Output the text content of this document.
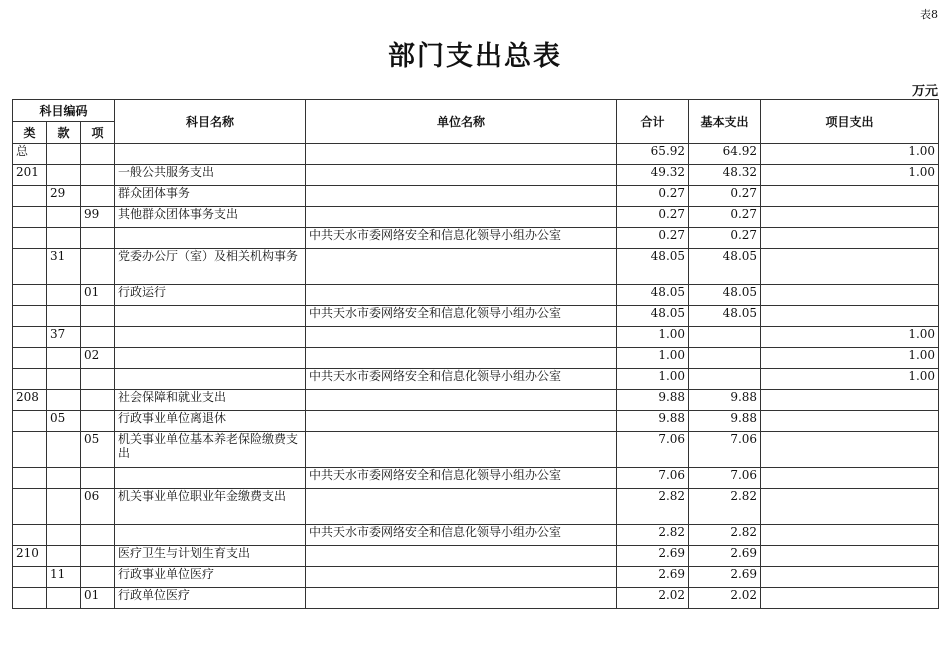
表8
部门支出总表
万元
科目编码			科目名称	单位名称	合计	基本支出	项目支出
类	款	项					
总					65.92	64.92	1.00
201			一般公共服务支出		49.32	48.32	1.00
	29		群众团体事务		0.27	0.27	
		99	其他群众团体事务支出		0.27	0.27	
				中共天水市委网络安全和信息化领导小组办公室	0.27	0.27	
	31		党委办公厅（室）及相关机构事务		48.05	48.05	
		01	行政运行		48.05	48.05	
				中共天水市委网络安全和信息化领导小组办公室	48.05	48.05	
	37				1.00		1.00
		02			1.00		1.00
				中共天水市委网络安全和信息化领导小组办公室	1.00		1.00
208			社会保障和就业支出		9.88	9.88	
	05		行政事业单位离退休		9.88	9.88	
		05	机关事业单位基本养老保险缴费支出		7.06	7.06	
				中共天水市委网络安全和信息化领导小组办公室	7.06	7.06	
		06	机关事业单位职业年金缴费支出		2.82	2.82	
				中共天水市委网络安全和信息化领导小组办公室	2.82	2.82	
210			医疗卫生与计划生育支出		2.69	2.69	
	11		行政事业单位医疗		2.69	2.69	
		01	行政单位医疗		2.02	2.02	
